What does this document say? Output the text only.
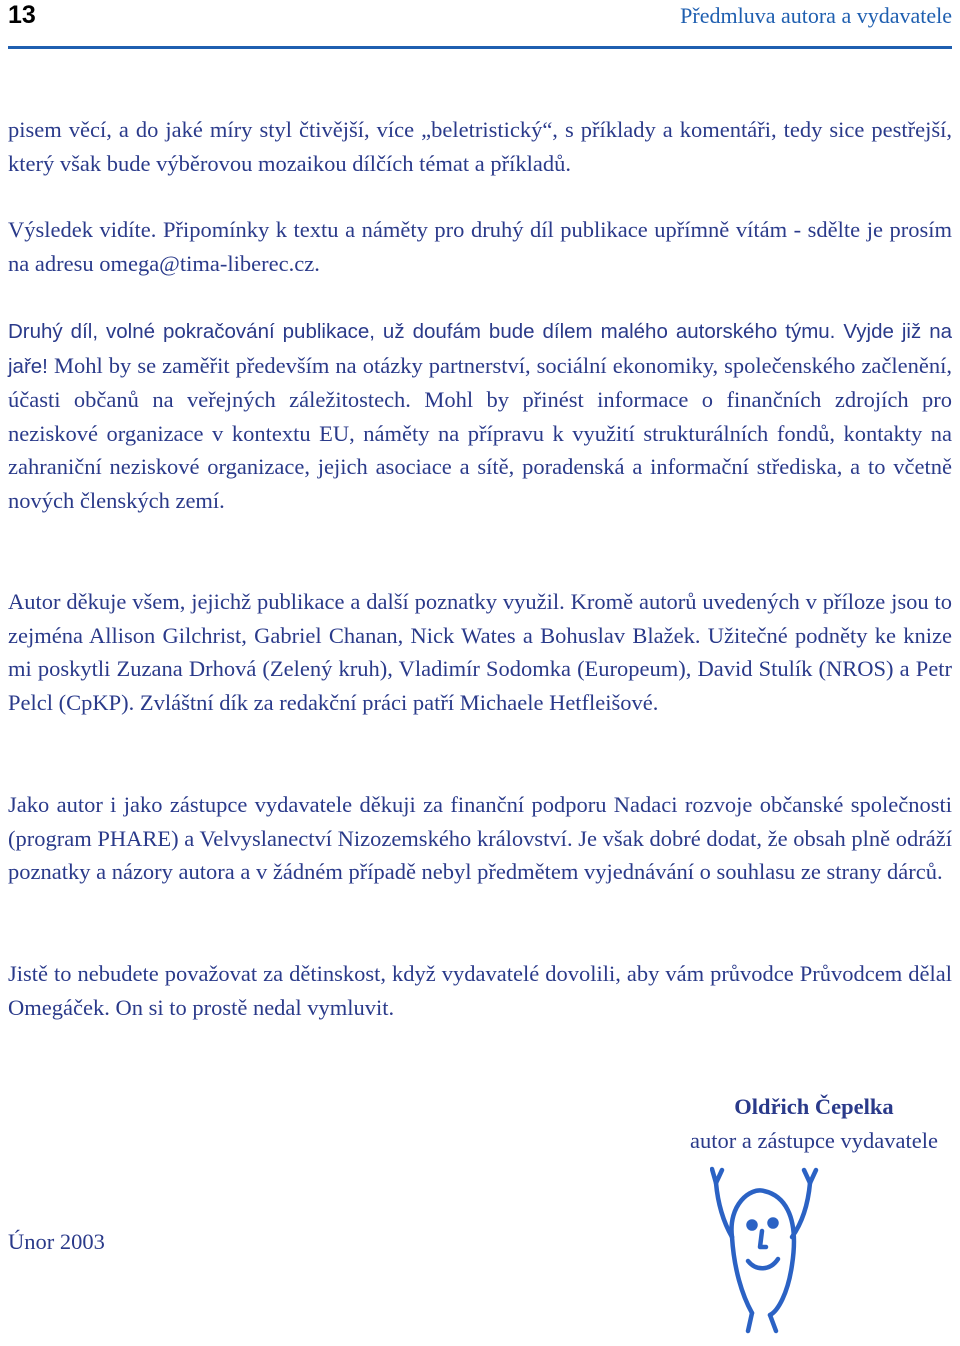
13	Předmluva autora a vydavatele

pisem věcí, a do jaké míry styl čtivější, více „beletristický“, s příklady a komentáři, tedy sice pestřejší, který však bude výběrovou mozaikou dílčích témat a příkladů.

Výsledek vidíte. Připomínky k textu a náměty pro druhý díl publikace upřímně vítám - sdělte je prosím na adresu omega@tima-liberec.cz.

Druhý díl, volné pokračování publikace, už doufám bude dílem malého autorského týmu. Vyjde již na jaře! Mohl by se zaměřit především na otázky partnerství, sociální ekonomiky, společenského začlenění, účasti občanů na veřejných záležitostech. Mohl by přinést informace o finančních zdrojích pro neziskové organizace v kontextu EU, náměty na přípravu k využití strukturálních fondů, kontakty na zahraniční neziskové organizace, jejich asociace a sítě, poradenská a informační střediska, a to včetně nových členských zemí.

Autor děkuje všem, jejichž publikace a další poznatky využil. Kromě autorů uvedených v příloze jsou to zejména Allison Gilchrist, Gabriel Chanan, Nick Wates a Bohuslav Blažek. Užitečné podněty ke knize mi poskytli Zuzana Drhová (Zelený kruh), Vladimír Sodomka (Europeum), David Stulík (NROS) a Petr Pelcl (CpKP). Zvláštní dík za redakční práci patří Michaele Hetfleišové.

Jako autor i jako zástupce vydavatele děkuji za finanční podporu Nadaci rozvoje občanské společnosti (program PHARE) a Velvyslanectví Nizozemského království. Je však dobré dodat, že obsah plně odráží poznatky a názory autora a v žádném případě nebyl předmětem vyjednávání o souhlasu ze strany dárců.

Jistě to nebudete považovat za dětinskost, když vydavatelé dovolili, aby vám průvodce Průvodcem dělal Omegáček. On si to prostě nedal vymluvit.

Oldřich Čepelka
autor a zástupce vydavatele
Únor 2003
